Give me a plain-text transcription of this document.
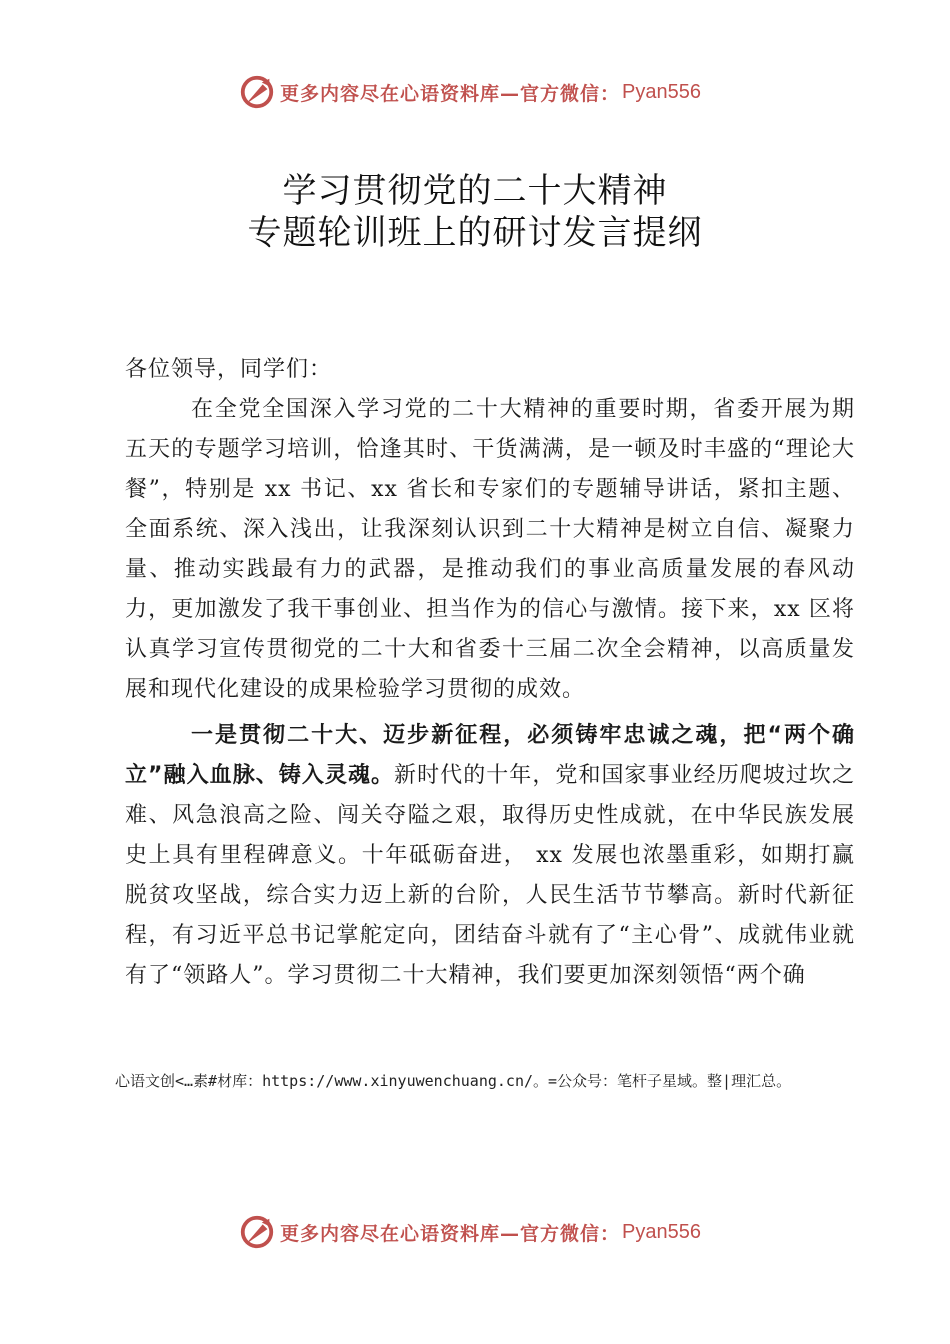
更多内容尽在心语资料库—官方微信： Pyan556
学习贯彻党的二十大精神
专题轮训班上的研讨发言提纲

各位领导，同学们：

在全党全国深入学习党的二十大精神的重要时期，省委开展为期五天的专题学习培训，恰逢其时、干货满满，是一顿及时丰盛的“理论大餐”，特别是 xx 书记、xx 省长和专家们的专题辅导讲话，紧扣主题、全面系统、深入浅出，让我深刻认识到二十大精神是树立自信、凝聚力量、推动实践最有力的武器，是推动我们的事业高质量发展的春风动力，更加激发了我干事创业、担当作为的信心与激情。接下来，xx 区将认真学习宣传贯彻党的二十大和省委十三届二次全会精神，以高质量发展和现代化建设的成果检验学习贯彻的成效。

一是贯彻二十大、迈步新征程，必须铸牢忠诚之魂，把“两个确立”融入血脉、铸入灵魂。新时代的十年，党和国家事业经历爬坡过坎之难、风急浪高之险、闯关夺隘之艰，取得历史性成就，在中华民族发展史上具有里程碑意义。十年砥砺奋进， xx 发展也浓墨重彩，如期打赢脱贫攻坚战，综合实力迈上新的台阶，人民生活节节攀高。新时代新征程，有习近平总书记掌舵定向，团结奋斗就有了“主心骨”、成就伟业就有了“领路人”。学习贯彻二十大精神，我们要更加深刻领悟“两个确

心语文创<…素#材库：https://www.xinyuwenchuang.cn/。=公众号：笔杆子星域。整|理汇总。
更多内容尽在心语资料库—官方微信： Pyan556
